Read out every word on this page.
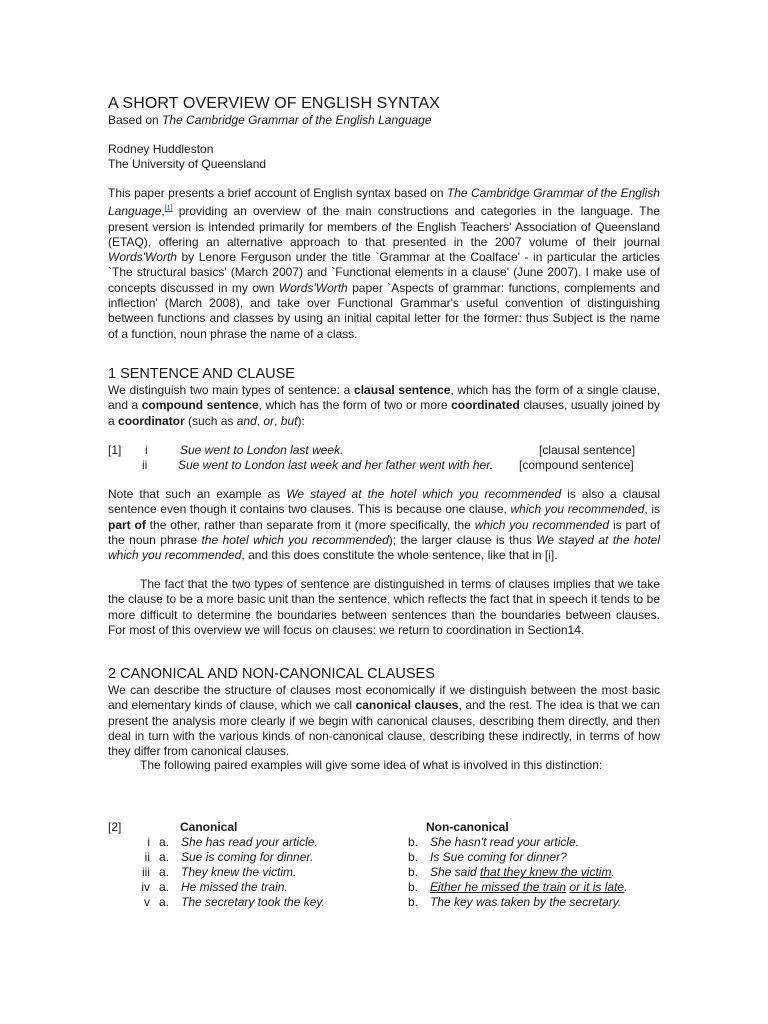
A SHORT OVERVIEW OF ENGLISH SYNTAX
Based on The Cambridge Grammar of the English Language
Rodney Huddleston
The University of Queensland

This paper presents a brief account of English syntax based on The Cambridge Grammar of the English Language,[1] providing an overview of the main constructions and categories in the language. The present version is intended primarily for members of the English Teachers' Association of Queensland (ETAQ), offering an alternative approach to that presented in the 2007 volume of their journal Words'Worth by Lenore Ferguson under the title `Grammar at the Coalface' - in particular the articles `The structural basics' (March 2007) and `Functional elements in a clause' (June 2007). I make use of concepts discussed in my own Words'Worth paper `Aspects of grammar: functions, complements and inflection' (March 2008), and take over Functional Grammar's useful convention of distinguishing between functions and classes by using an initial capital letter for the former: thus Subject is the name of a function, noun phrase the name of a class.

1 SENTENCE AND CLAUSE

We distinguish two main types of sentence: a clausal sentence, which has the form of a single clause, and a compound sentence, which has the form of two or more coordinated clauses, usually joined by a coordinator (such as and, or, but):

[1] i	Sue went to London last week.	[clausal sentence]
ii	Sue went to London last week and her father went with her. [compound sentence]

Note that such an example as We stayed at the hotel which you recommended is also a clausal sentence even though it contains two clauses. This is because one clause, which you recommended, is part of the other, rather than separate from it (more specifically, the which you recommended is part of the noun phrase the hotel which you recommended); the larger clause is thus We stayed at the hotel which you recommended, and this does constitute the whole sentence, like that in [i].

The fact that the two types of sentence are distinguished in terms of clauses implies that we take the clause to be a more basic unit than the sentence, which reflects the fact that in speech it tends to be more difficult to determine the boundaries between sentences than the boundaries between clauses. For most of this overview we will focus on clauses: we return to coordination in Section14.

2 CANONICAL AND NON-CANONICAL CLAUSES

We can describe the structure of clauses most economically if we distinguish between the most basic and elementary kinds of clause, which we call canonical clauses, and the rest. The idea is that we can present the analysis more clearly if we begin with canonical clauses, describing them directly, and then deal in turn with the various kinds of non-canonical clause, describing these indirectly, in terms of how they differ from canonical clauses.

The following paired examples will give some idea of what is involved in this distinction:

[2]	Canonical	Non-canonical
i a. She has read your article.	b. She hasn't read your article.
ii a. Sue is coming for dinner.	b. Is Sue coming for dinner?
iii a. They knew the victim.	b. She said that they knew the victim.
iv a. He missed the train.	b. Either he missed the train or it is late.
v a. The secretary took the key.	b. The key was taken by the secretary.
